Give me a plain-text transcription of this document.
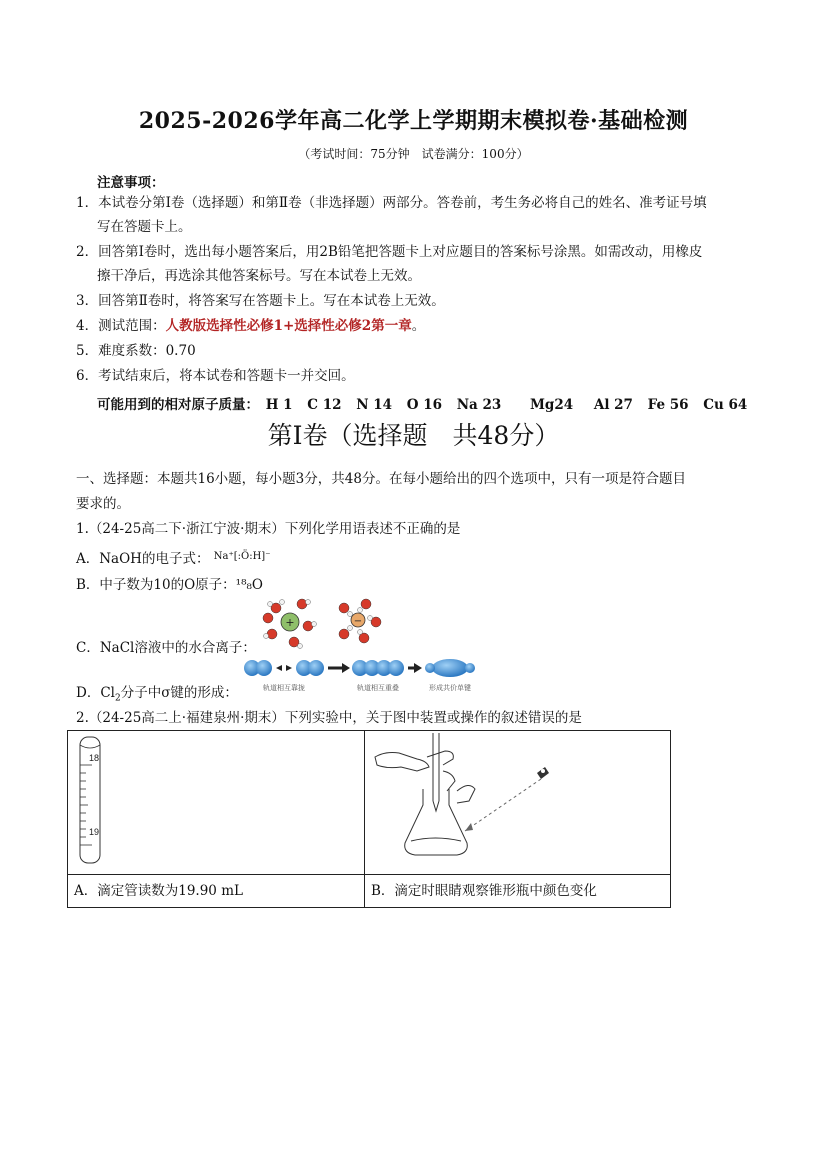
2025-2026学年高二化学上学期期末模拟卷·基础检测
（考试时间：75分钟　试卷满分：100分）
注意事项：
1．本试卷分第Ⅰ卷（选择题）和第Ⅱ卷（非选择题）两部分。答卷前，考生务必将自己的姓名、准考证号填
写在答题卡上。
2．回答第Ⅰ卷时，选出每小题答案后，用2B铅笔把答题卡上对应题目的答案标号涂黑。如需改动，用橡皮
擦干净后，再选涂其他答案标号。写在本试卷上无效。
3．回答第Ⅱ卷时，将答案写在答题卡上。写在本试卷上无效。
4．测试范围：人教版选择性必修1+选择性必修2第一章。
5．难度系数：0.70
6．考试结束后，将本试卷和答题卡一并交回。
可能用到的相对原子质量： H 1 C 12 N 14 O 16 Na 23 Mg24 Al 27 Fe 56 Cu 64
第Ⅰ卷（选择题　共48分）
一、选择题：本题共16小题，每小题3分，共48分。在每小题给出的四个选项中，只有一项是符合题目
要求的。
1.（24-25高二下·浙江宁波·期末）下列化学用语表述不正确的是
A．NaOH的电子式： $^{Na^+[:Ö:H]^-}$
B．中子数为10的O原子：¹⁸₈O
+	−
C．NaCl溶液中的水合离子：
轨道相互靠拢	轨道相互重叠	形成共价单键
D．$Cl_2$分子中σ键的形成：
2.（24-25高二上·福建泉州·期末）下列实验中，关于图中装置或操作的叙述错误的是
18
19

A．滴定管读数为19.90 mL	B．滴定时眼睛观察锥形瓶中颜色变化
